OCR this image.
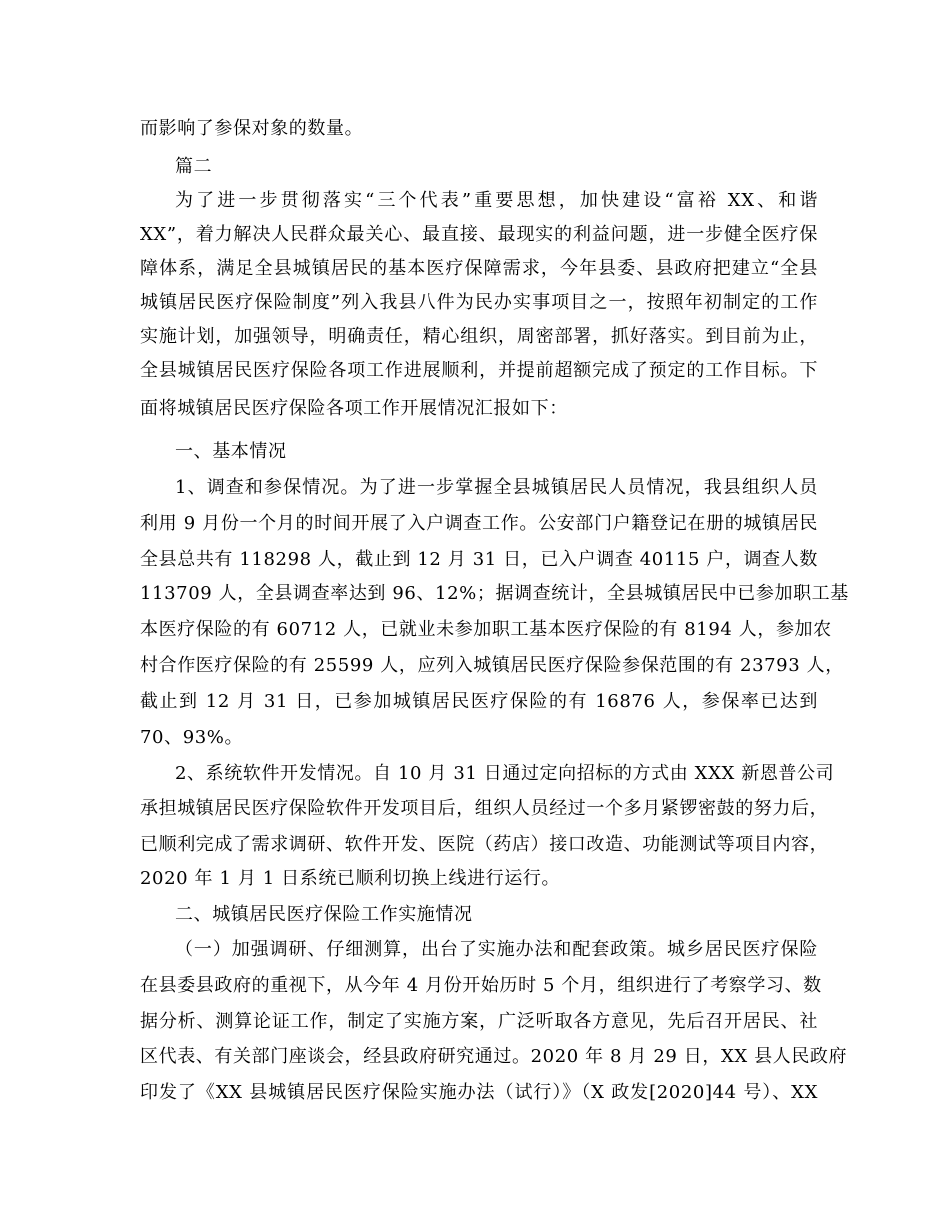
而影响了参保对象的数量。
篇二
为了进一步贯彻落实“三个代表”重要思想，加快建设“富裕 XX、和谐
XX”，着力解决人民群众最关心、最直接、最现实的利益问题，进一步健全医疗保
障体系，满足全县城镇居民的基本医疗保障需求，今年县委、县政府把建立“全县
城镇居民医疗保险制度”列入我县八件为民办实事项目之一，按照年初制定的工作
实施计划，加强领导，明确责任，精心组织，周密部署，抓好落实。到目前为止，
全县城镇居民医疗保险各项工作进展顺利，并提前超额完成了预定的工作目标。下
面将城镇居民医疗保险各项工作开展情况汇报如下：
一、基本情况
1、调查和参保情况。为了进一步掌握全县城镇居民人员情况，我县组织人员
利用 9 月份一个月的时间开展了入户调查工作。公安部门户籍登记在册的城镇居民
全县总共有 118298 人，截止到 12 月 31 日，已入户调查 40115 户，调查人数
113709 人，全县调查率达到 96、12%；据调查统计，全县城镇居民中已参加职工基
本医疗保险的有 60712 人，已就业未参加职工基本医疗保险的有 8194 人，参加农
村合作医疗保险的有 25599 人，应列入城镇居民医疗保险参保范围的有 23793 人，
截止到 12 月 31 日，已参加城镇居民医疗保险的有 16876 人，参保率已达到
70、93%。
2、系统软件开发情况。自 10 月 31 日通过定向招标的方式由 XXX 新恩普公司
承担城镇居民医疗保险软件开发项目后，组织人员经过一个多月紧锣密鼓的努力后，
已顺利完成了需求调研、软件开发、医院（药店）接口改造、功能测试等项目内容，
2020 年 1 月 1 日系统已顺利切换上线进行运行。
二、城镇居民医疗保险工作实施情况
（一）加强调研、仔细测算，出台了实施办法和配套政策。城乡居民医疗保险
在县委县政府的重视下，从今年 4 月份开始历时 5 个月，组织进行了考察学习、数
据分析、测算论证工作，制定了实施方案，广泛听取各方意见，先后召开居民、社
区代表、有关部门座谈会，经县政府研究通过。2020 年 8 月 29 日，XX 县人民政府
印发了《XX 县城镇居民医疗保险实施办法（试行）》（X 政发[2020]44 号）、XX
